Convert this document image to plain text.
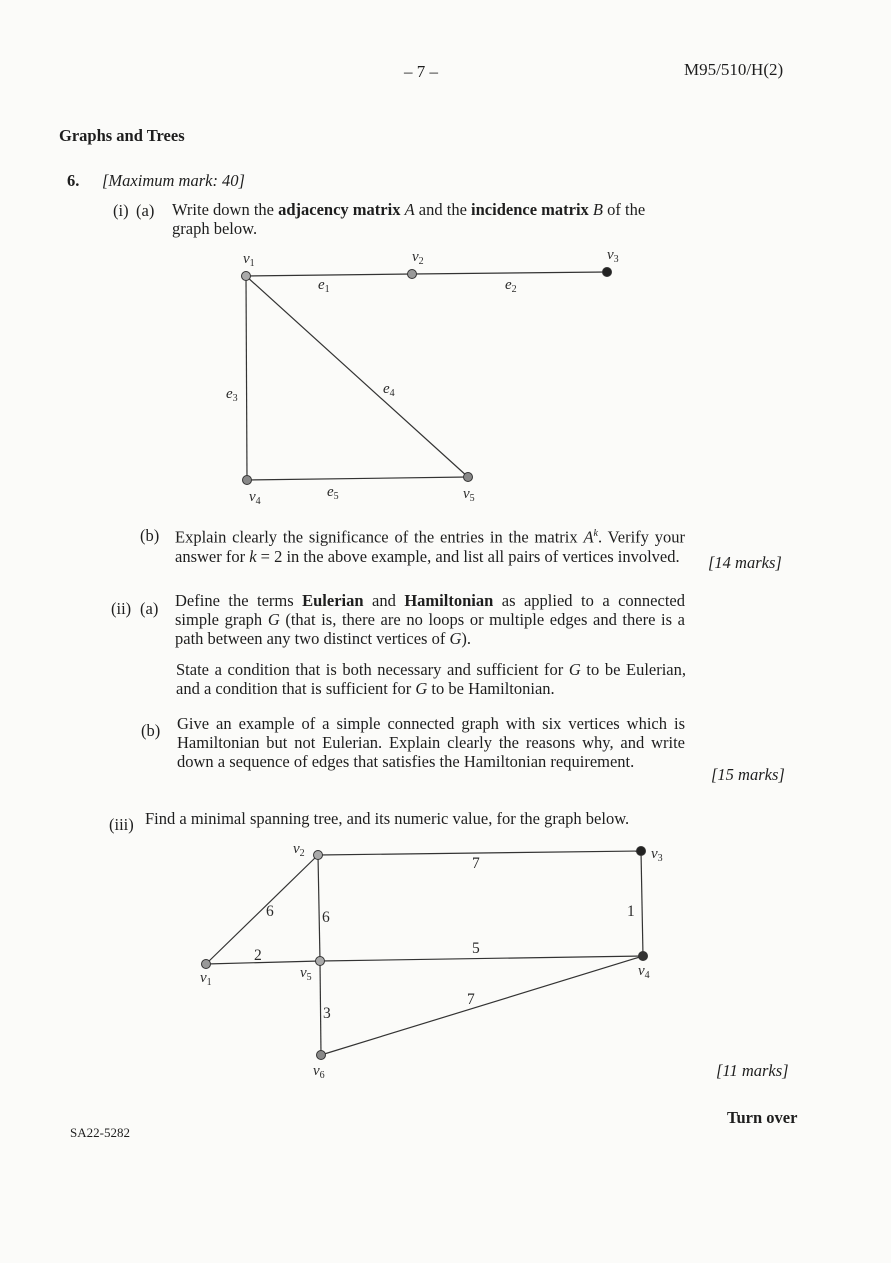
– 7 –	M95/510/H(2)
Graphs and Trees
6. [Maximum mark: 40]
(i) (a) Write down the adjacency matrix A and the incidence matrix B of the graph below.
$v_1$	$v_2$	$v_3$
$v_4$	$v_5$
$e_1$	$e_2$
$e_3$
$e_4$
$e_5$
(b) Explain clearly the significance of the entries in the matrix $A^k$. Verify your answer for k = 2 in the above example, and list all pairs of vertices involved.	[14 marks]
(ii) (a) Define the terms Eulerian and Hamiltonian as applied to a connected simple graph G (that is, there are no loops or multiple edges and there is a path between any two distinct vertices of G).
State a condition that is both necessary and sufficient for G to be Eulerian, and a condition that is sufficient for G to be Hamiltonian.
(b) Give an example of a simple connected graph with six vertices which is Hamiltonian but not Eulerian. Explain clearly the reasons why, and write down a sequence of edges that satisfies the Hamiltonian requirement.
[15 marks]
(iii) Find a minimal spanning tree, and its numeric value, for the graph below.
$v_1$
$v_2$	$v_3$
$v_4$
$v_5$
$v_6$
7
6	6	1
2	5
3
7
[11 marks]
Turn over
SA22-5282
